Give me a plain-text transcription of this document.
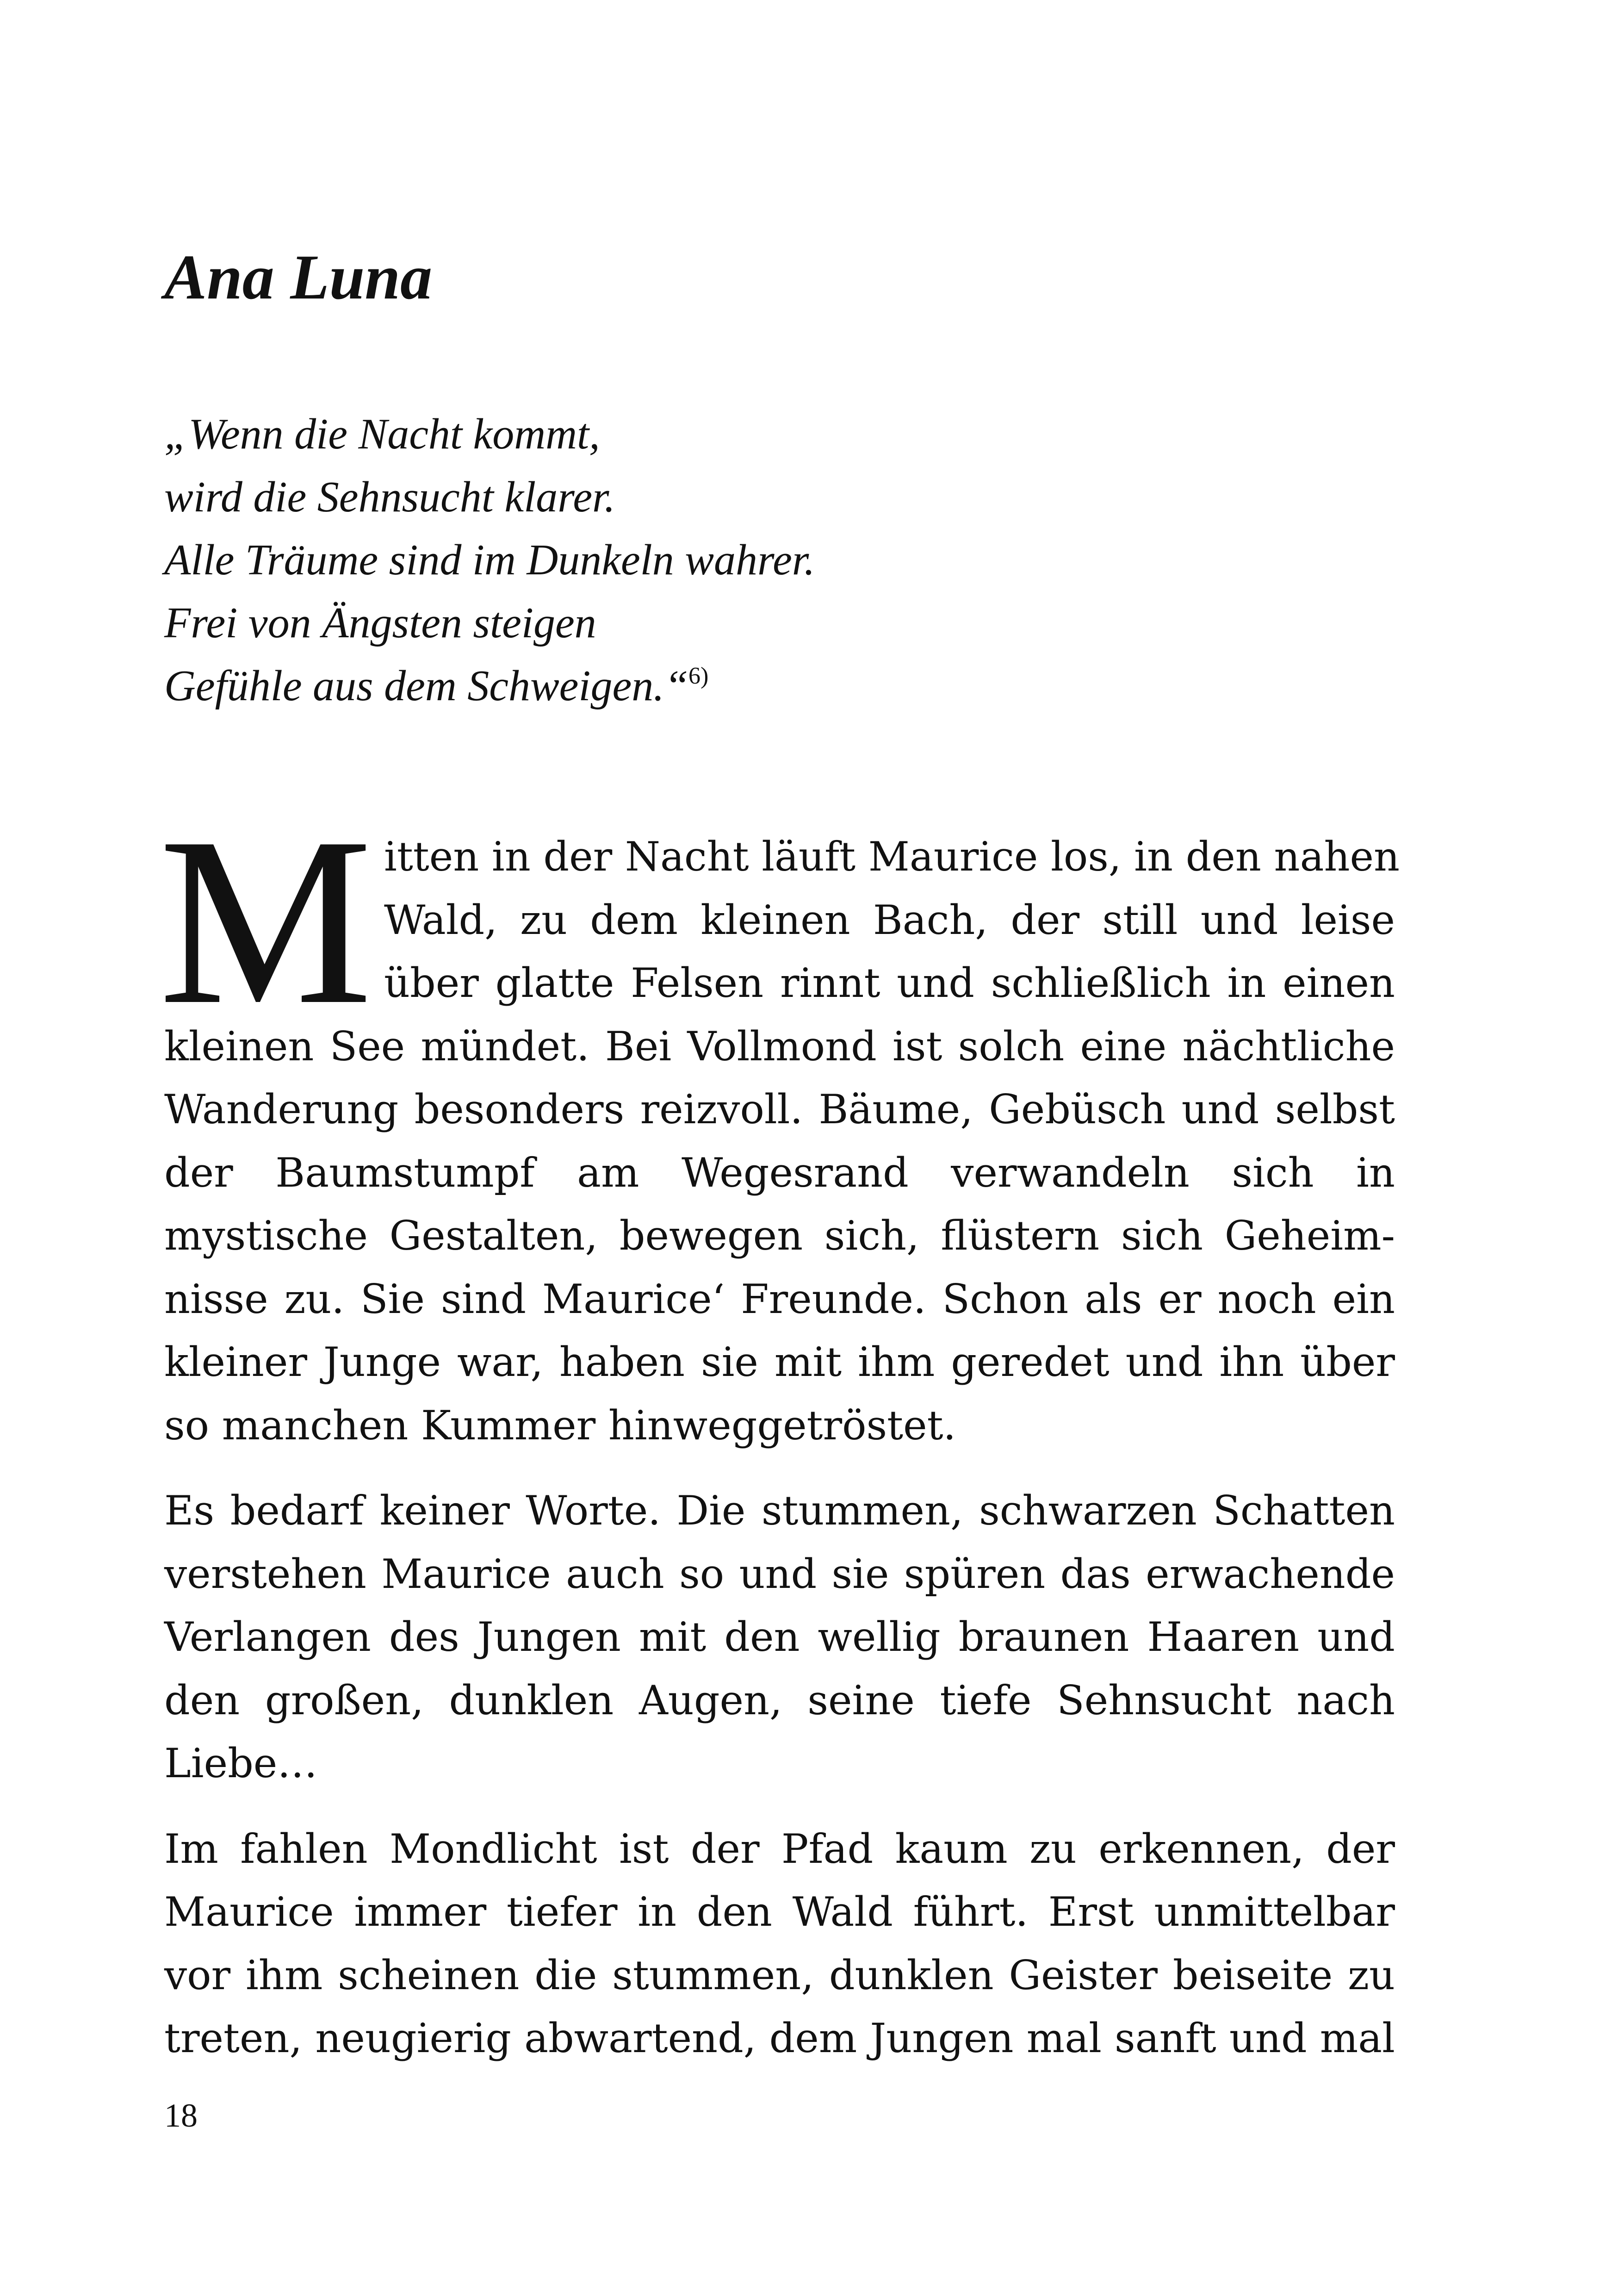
Ana Luna
„Wenn die Nacht kommt,
wird die Sehnsucht klarer.
Alle Träume sind im Dunkeln wahrer.
Frei von Ängsten steigen
Gefühle aus dem Schweigen.“$^{6)}$
M itten in der Nacht läuft Maurice los, in den nahen
Wald, zu dem kleinen Bach, der still und leise
über glatte Felsen rinnt und schließlich in einen
kleinen See mündet. Bei Vollmond ist solch eine nächtliche
Wanderung besonders reizvoll. Bäume, Gebüsch und selbst
der Baumstumpf am Wegesrand verwandeln sich in
mystische Gestalten, bewegen sich, flüstern sich Geheim-
nisse zu. Sie sind Maurice‘ Freunde. Schon als er noch ein
kleiner Junge war, haben sie mit ihm geredet und ihn über
so manchen Kummer hinweggetröstet.
Es bedarf keiner Worte. Die stummen, schwarzen Schatten
verstehen Maurice auch so und sie spüren das erwachende
Verlangen des Jungen mit den wellig braunen Haaren und
den großen, dunklen Augen, seine tiefe Sehnsucht nach
Liebe…
Im fahlen Mondlicht ist der Pfad kaum zu erkennen, der
Maurice immer tiefer in den Wald führt. Erst unmittelbar
vor ihm scheinen die stummen, dunklen Geister beiseite zu
treten, neugierig abwartend, dem Jungen mal sanft und mal
18
